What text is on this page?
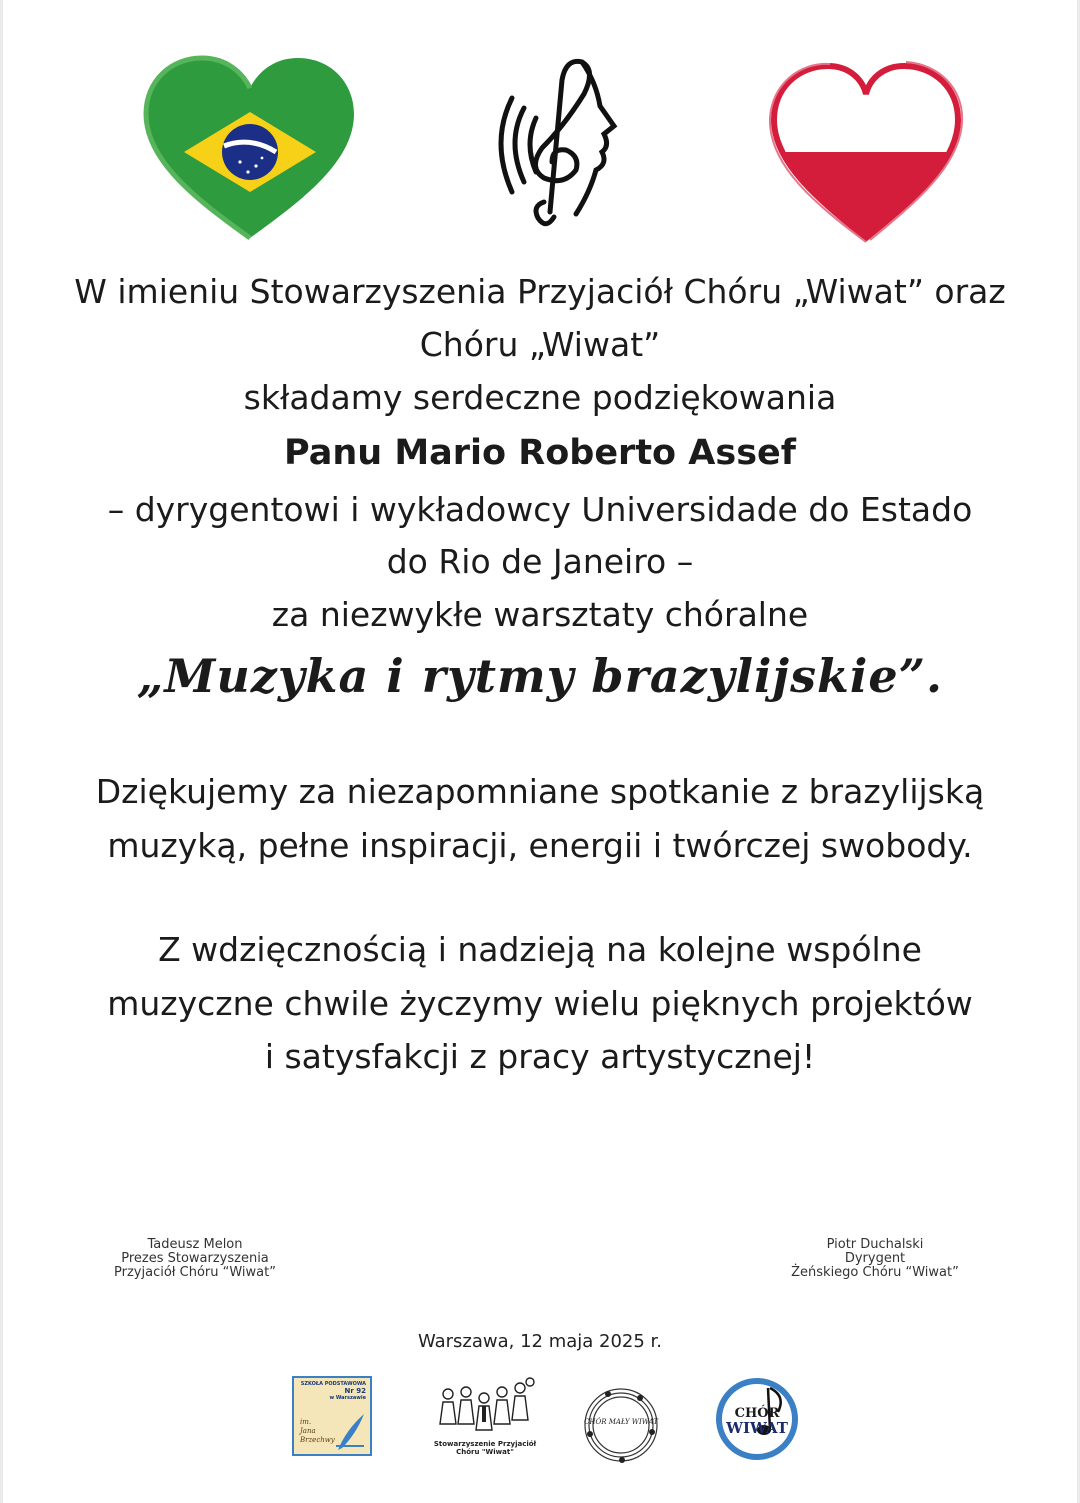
W imieniu Stowarzyszenia Przyjaciół Chóru „Wiwat” oraz
Chóru „Wiwat”
składamy serdeczne podziękowania
Panu Mario Roberto Assef
– dyrygentowi i wykładowcy Universidade do Estado
do Rio de Janeiro –
za niezwykłe warsztaty chóralne
„Muzyka i rytmy brazylijskie”.
Dziękujemy za niezapomniane spotkanie z brazylijską
muzyką, pełne inspiracji, energii i twórczej swobody.
Z wdzięcznością i nadzieją na kolejne wspólne
muzyczne chwile życzymy wielu pięknych projektów
i satysfakcji z pracy artystycznej!
Tadeusz Melon
Prezes Stowarzyszenia
Przyjaciół Chóru “Wiwat”
Piotr Duchalski
Dyrygent
Żeńskiego Chóru “Wiwat”
Warszawa, 12 maja 2025 r.
SZKOŁA PODSTAWOWA
Nr 92
w Warszawie
im.
Jana
Brzechwy	Stowarzyszenie Przyjaciół
Chóru "Wiwat"
CHÓR MAŁY WIWAT
CHÓR
WIWAT
